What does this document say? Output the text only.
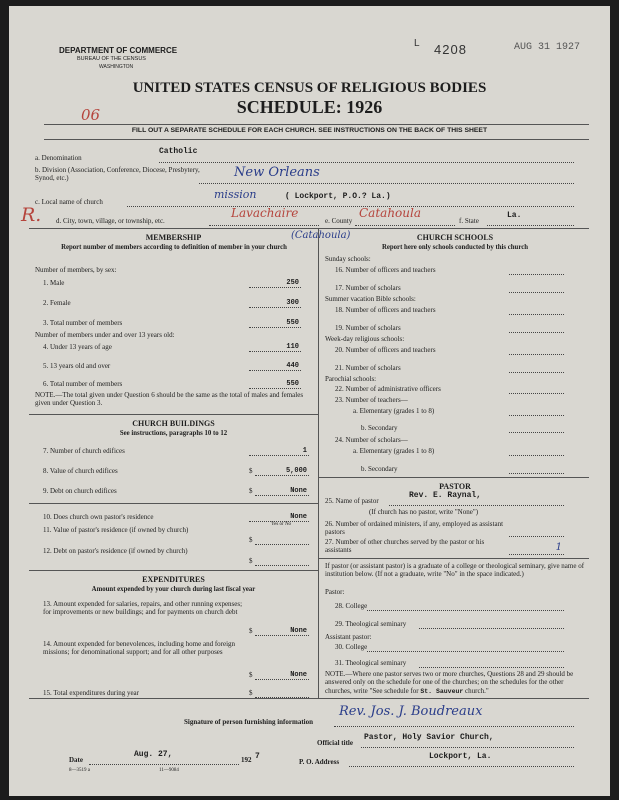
DEPARTMENT OF COMMERCE
BUREAU OF THE CENSUS
WASHINGTON
L 4208	AUG 31 1927
UNITED STATES CENSUS OF RELIGIOUS BODIES
SCHEDULE: 1926
06
FILL OUT A SEPARATE SCHEDULE FOR EACH CHURCH. SEE INSTRUCTIONS ON THE BACK OF THIS SHEET
a. Denomination
Catholic
b. Division (Association, Conference, Diocese, Presbytery, Synod, etc.)	New Orleans
c. Local name of church
mission	( Lockport, P.O.? La.)
R. d. City, town, village, or township, etc.
Lavachaire
e. County
Catahoula
f. State
La.
MEMBERSHIP
Report number of members according to definition of member in your church
Number of members, by sex:
1. Male	250
2. Female	300
3. Total number of members	550
Number of members under and over 13 years old:
4. Under 13 years of age	110
5. 13 years old and over	440
6. Total number of members	550
NOTE.—The total given under Question 6 should be the same as the total of males and females given under Question 3.
CHURCH BUILDINGS
See instructions, paragraphs 10 to 12
7. Number of church edifices	1
8. Value of church edifices	$	5,000
9. Debt on church edifices	$	None
10. Does church own pastor's residence	None
Yes or No
11. Value of pastor's residence (if owned by church)
$
12. Debt on pastor's residence (if owned by church)
$
EXPENDITURES
Amount expended by your church during last fiscal year
13. Amount expended for salaries, repairs, and other running expenses; for improvements or new buildings; and for payments on church debt
$	None
14. Amount expended for benevolences, including home and foreign missions; for denominational support; and for all other purposes
$	None
15. Total expenditures during year	$
CHURCH SCHOOLS
(Catahoula)
Report here only schools conducted by this church
Sunday schools:
16. Number of officers and teachers
17. Number of scholars
Summer vacation Bible schools:
18. Number of officers and teachers
19. Number of scholars
Week-day religious schools:
20. Number of officers and teachers
21. Number of scholars
Parochial schools:
22. Number of administrative officers
23. Number of teachers—
a. Elementary (grades 1 to 8)
b. Secondary
24. Number of scholars—
a. Elementary (grades 1 to 8)
b. Secondary
PASTOR
25. Name of pastor
Rev. E. Raynal,
(If church has no pastor, write "None")
26. Number of ordained ministers, if any, employed as assistant pastors
27. Number of other churches served by the pastor or his assistants	1
If pastor (or assistant pastor) is a graduate of a college or theological seminary, give name of institution below. (If not a graduate, write "No" in the space indicated.)
Pastor:
28. College
29. Theological seminary
Assistant pastor:
30. College
31. Theological seminary
NOTE.—Where one pastor serves two or more churches, Questions 28 and 29 should be answered only on the schedule for one of the churches; on the schedules for the other churches, write "See schedule for St. Sauveur church."
Signature of person furnishing information
Rev. Jos. J. Boudreaux
Official title
Pastor, Holy Savior Church,
Date
Aug. 27,
192 7
P. O. Address
Lockport, La.
8—3519 a	11—9084
